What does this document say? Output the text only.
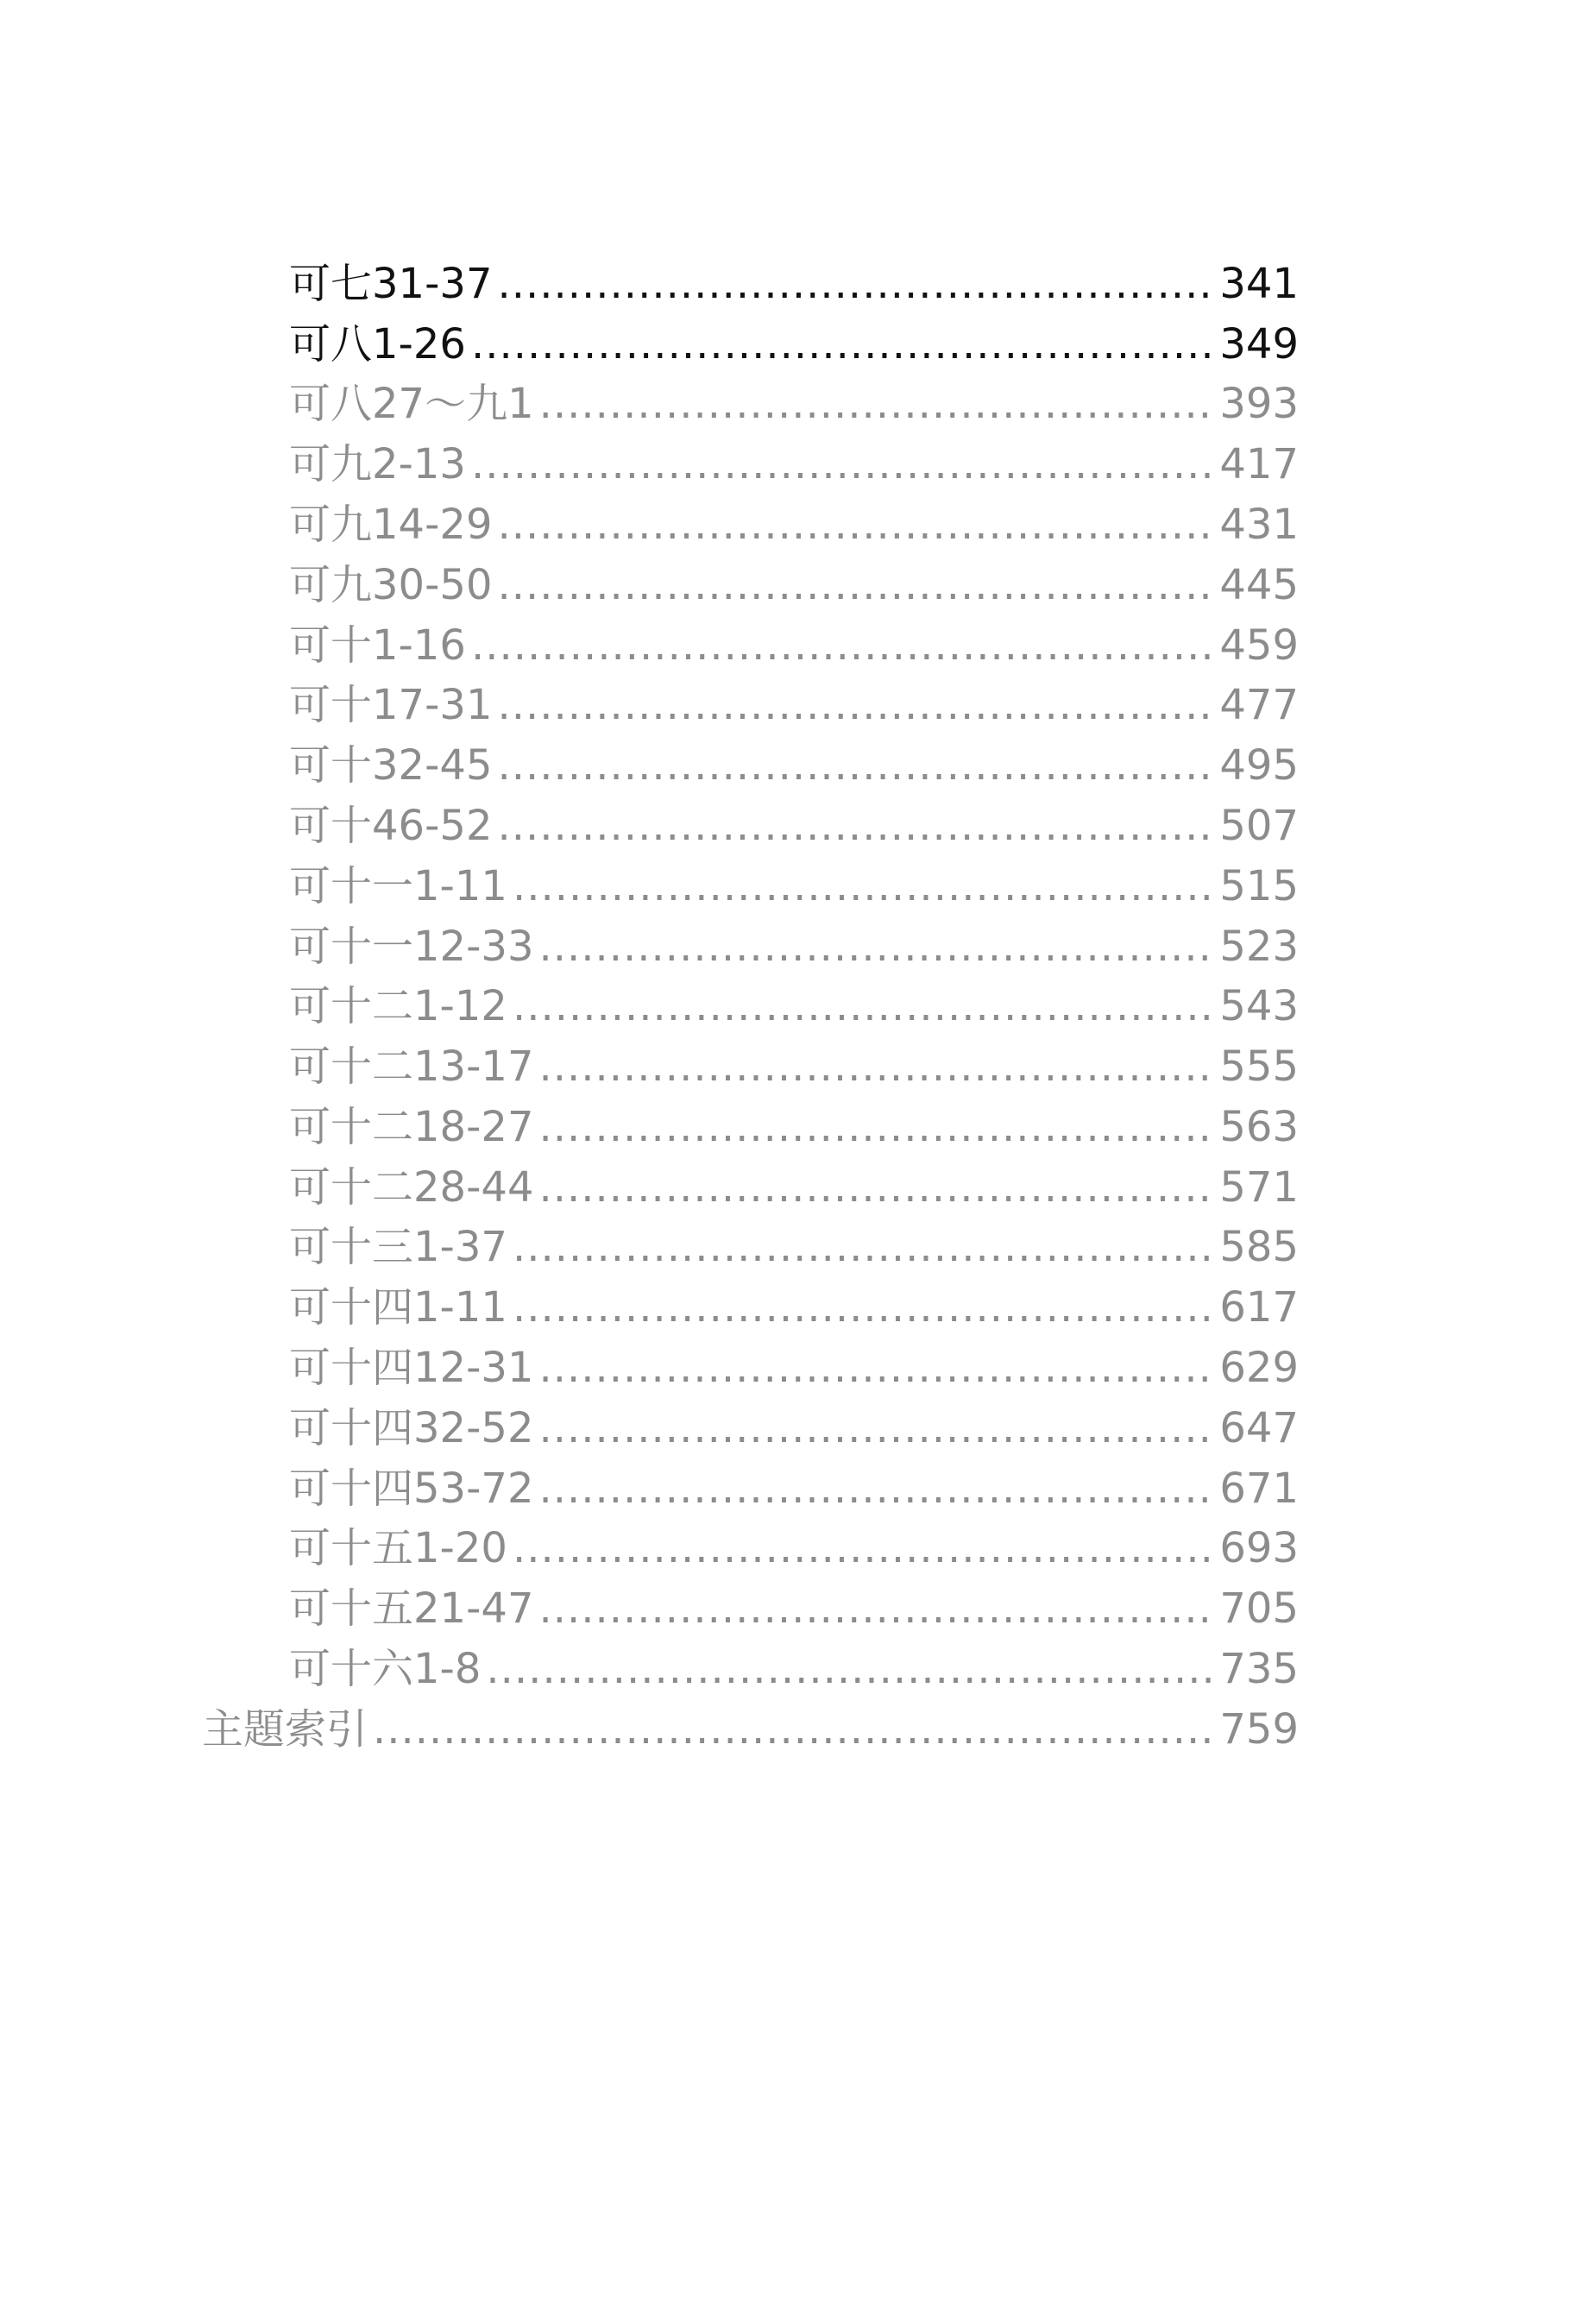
可七31-37 .....	341
可八1-26 .....	349
可八27～九1 .....	393
可九2-13 .....	417
可九14-29 .....	431
可九30-50 .....	445
可十1-16 .....	459
可十17-31 .....	477
可十32-45 .....	495
可十46-52 .....	507
可十一1-11 .....	515
可十一12-33 .....	523
可十二1-12 .....	543
可十二13-17 .....	555
可十二18-27 .....	563
可十二28-44 .....	571
可十三1-37 .....	585
可十四1-11 .....	617
可十四12-31 .....	629
可十四32-52 .....	647
可十四53-72 .....	671
可十五1-20 .....	693
可十五21-47 .....	705
可十六1-8 .....	735
主題索引 .....	759
